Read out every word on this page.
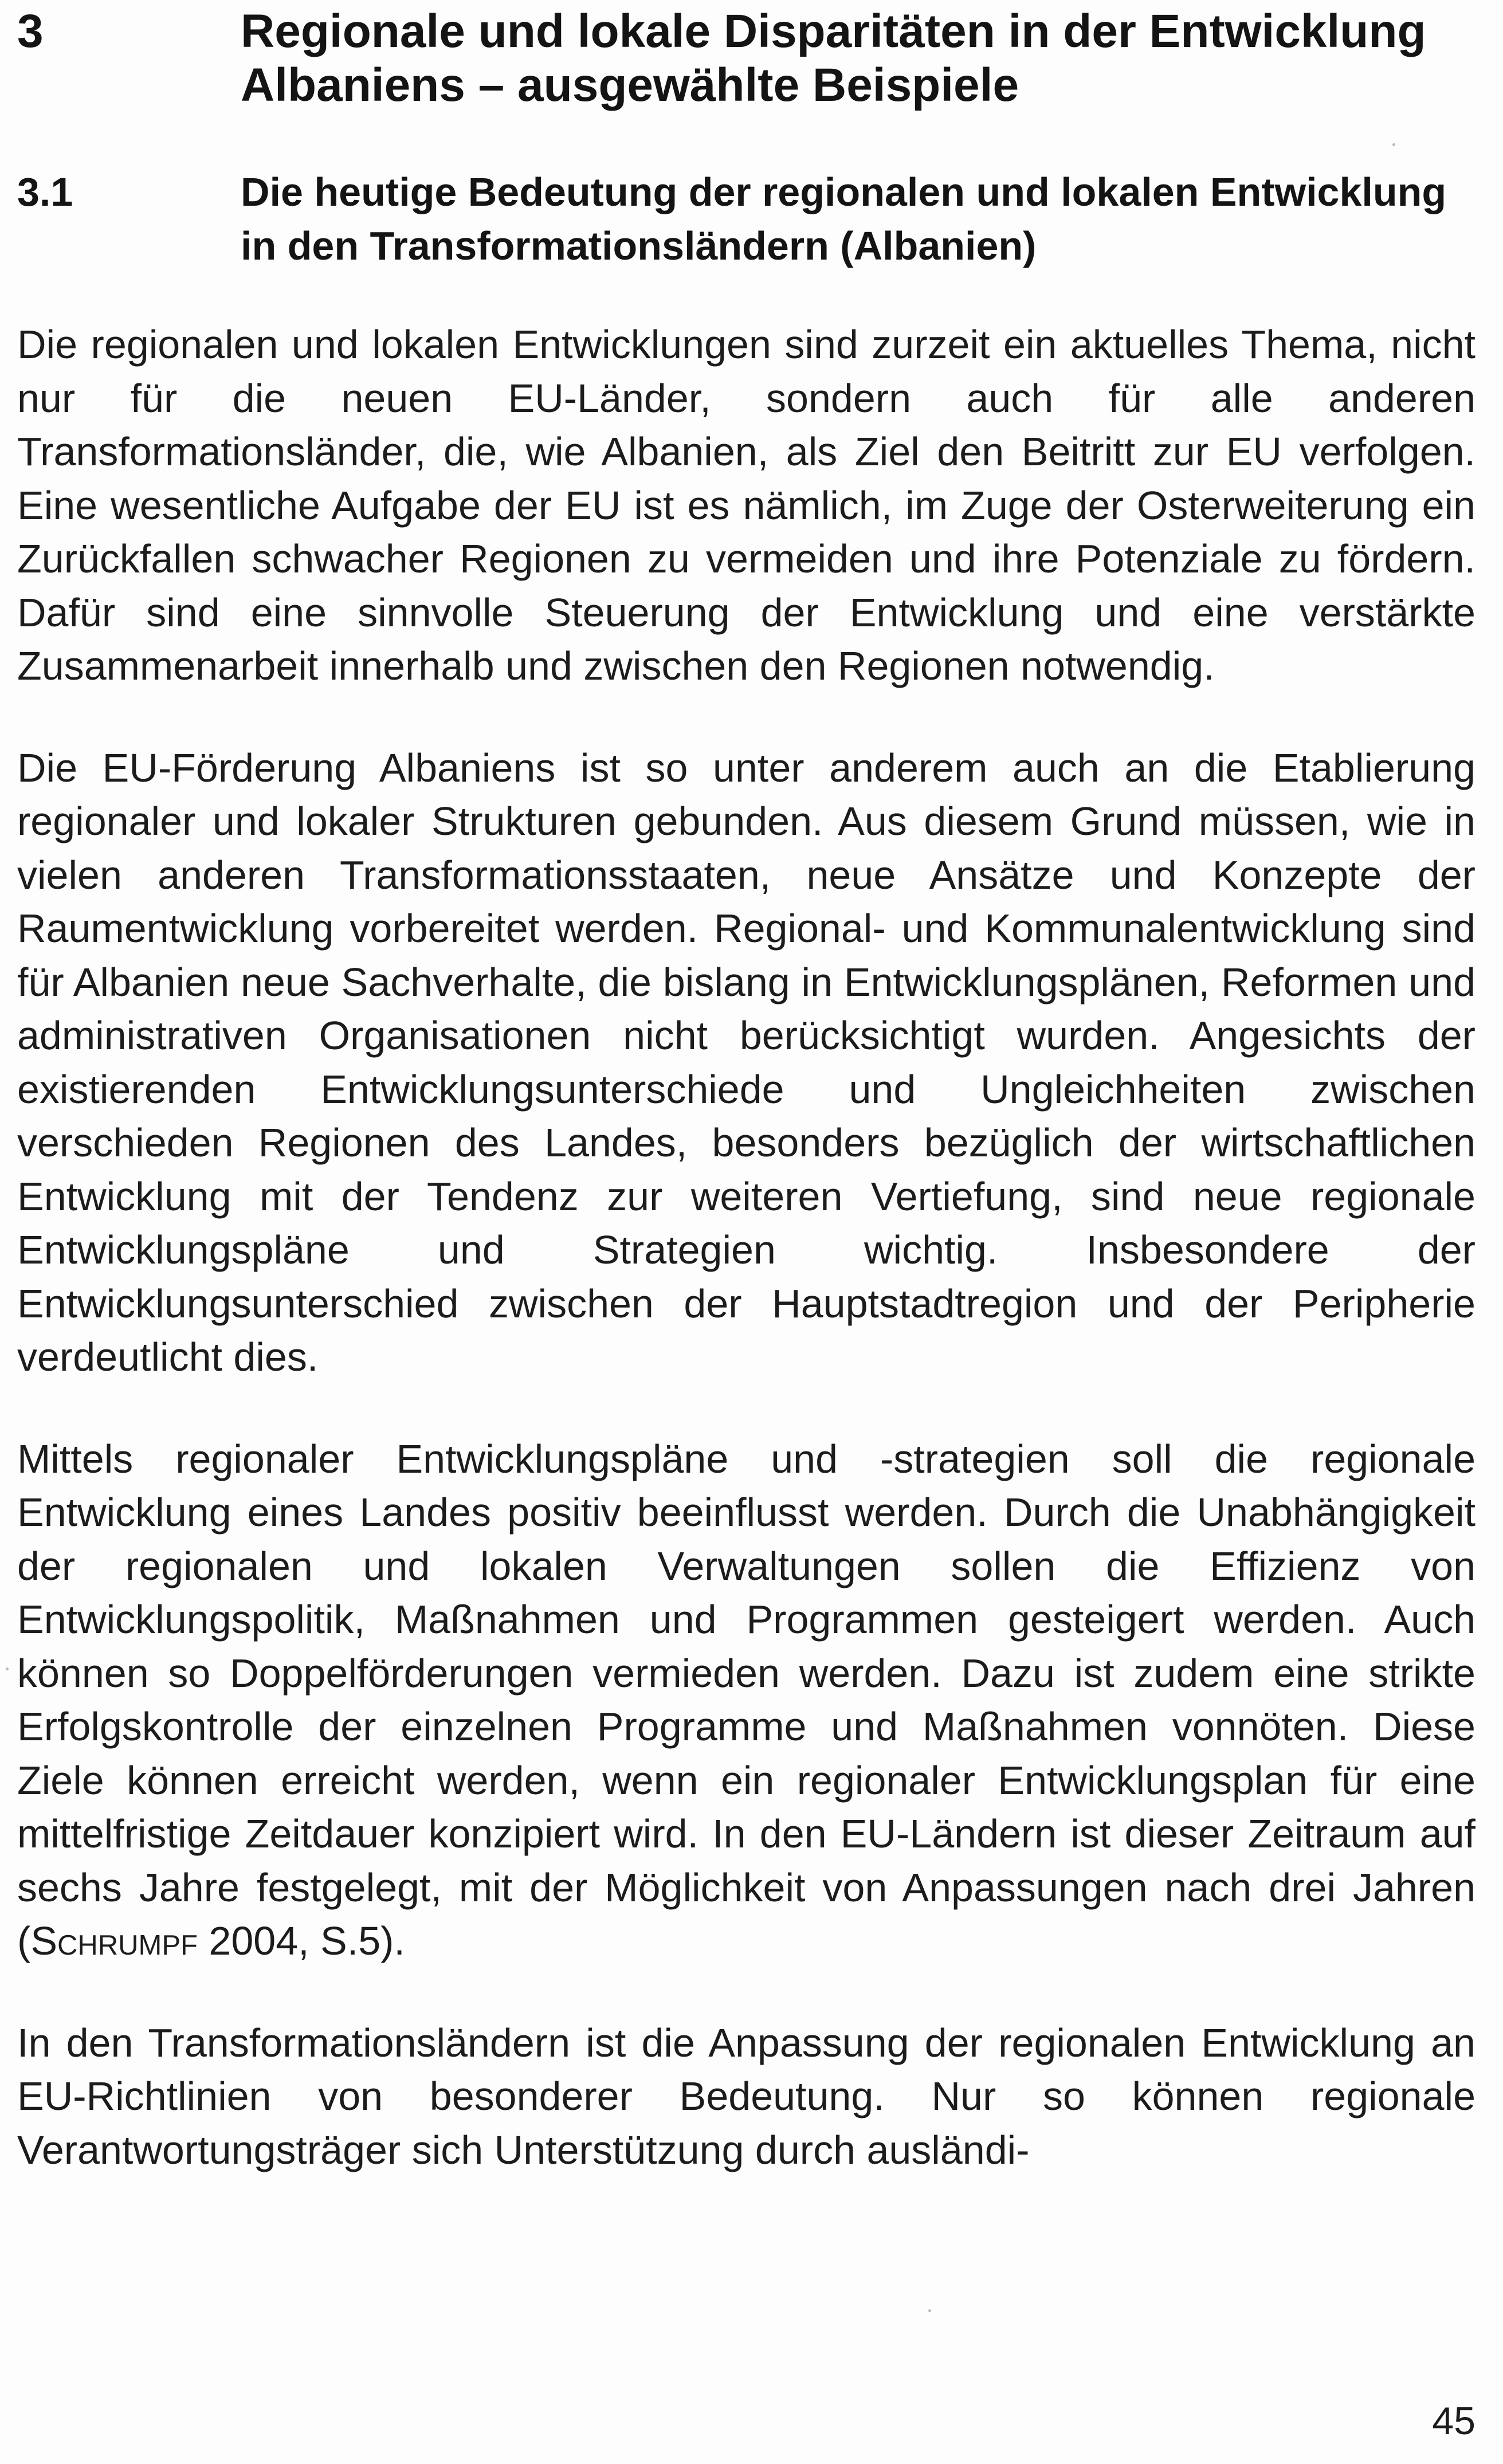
3	Regionale und lokale Disparitäten in der Entwicklung Albaniens – ausgewählte Beispiele
3.1	Die heutige Bedeutung der regionalen und lokalen Entwicklung in den Transformationsländern (Albanien)

Die regionalen und lokalen Entwicklungen sind zurzeit ein aktuelles Thema, nicht nur für die neuen EU-Länder, sondern auch für alle anderen Transformationsländer, die, wie Albanien, als Ziel den Beitritt zur EU verfolgen. Eine wesentliche Aufgabe der EU ist es nämlich, im Zuge der Osterweiterung ein Zurückfallen schwacher Regionen zu vermeiden und ihre Potenziale zu fördern. Dafür sind eine sinnvolle Steuerung der Entwicklung und eine verstärkte Zusammenarbeit innerhalb und zwischen den Regionen notwendig.

Die EU-Förderung Albaniens ist so unter anderem auch an die Etablierung regionaler und lokaler Strukturen gebunden. Aus diesem Grund müssen, wie in vielen anderen Transformationsstaaten, neue Ansätze und Konzepte der Raumentwicklung vorbereitet werden. Regional- und Kommunalentwicklung sind für Albanien neue Sachverhalte, die bislang in Entwicklungsplänen, Reformen und administrativen Organisationen nicht berücksichtigt wurden. Angesichts der existierenden Entwicklungsunterschiede und Ungleichheiten zwischen verschieden Regionen des Landes, besonders bezüglich der wirtschaftlichen Entwicklung mit der Tendenz zur weiteren Vertiefung, sind neue regionale Entwicklungspläne und Strategien wichtig. Insbesondere der Entwicklungsunterschied zwischen der Hauptstadtregion und der Peripherie verdeutlicht dies.

Mittels regionaler Entwicklungspläne und -strategien soll die regionale Entwicklung eines Landes positiv beeinflusst werden. Durch die Unabhängigkeit der regionalen und lokalen Verwaltungen sollen die Effizienz von Entwicklungspolitik, Maßnahmen und Programmen gesteigert werden. Auch können so Doppelförderungen vermieden werden. Dazu ist zudem eine strikte Erfolgskontrolle der einzelnen Programme und Maßnahmen vonnöten. Diese Ziele können erreicht werden, wenn ein regionaler Entwicklungsplan für eine mittelfristige Zeitdauer konzipiert wird. In den EU-Ländern ist dieser Zeitraum auf sechs Jahre festgelegt, mit der Möglichkeit von Anpassungen nach drei Jahren (Schrumpf 2004, S.5).

In den Transformationsländern ist die Anpassung der regionalen Entwicklung an EU-Richtlinien von besonderer Bedeutung. Nur so können regionale Verantwortungsträger sich Unterstützung durch ausländi-

45
